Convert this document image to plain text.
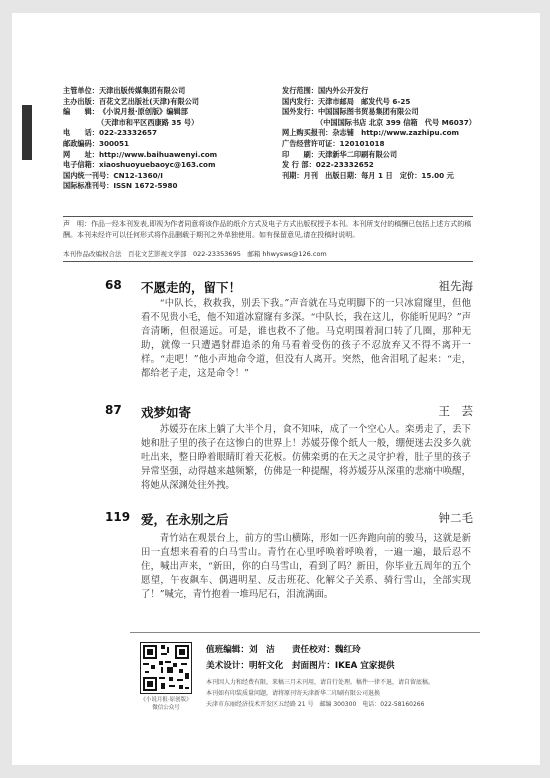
主管单位：天津出版传媒集团有限公司
主办出版：百花文艺出版社(天津)有限公司
编　　辑：《小说月报·原创版》编辑部
（天津市和平区西康路 35 号）
电　　话：022-23332657
邮政编码：300051
网　　址：http://www.baihuawenyi.com
电子信箱：xiaoshuoyuebaoyc@163.com
国内统一刊号：CN12-1360/I
国际标准刊号：ISSN 1672-5980
发行范围：国内外公开发行
国内发行：天津市邮局　邮发代号 6-25
国外发行：中国国际图书贸易集团有限公司
（中国国际书店 北京 399 信箱　代号 M6037）
网上购买报刊：杂志铺　http://www.zazhipu.com
广告经营许可证：120101018
印　　刷：天津新华二印刷有限公司
发 行 部：022-23332652
刊期：月刊　出版日期：每月 1 日　定价：15.00 元
声　明：作品一经本刊发表,即视为作者同意将该作品的纸介方式及电子方式出版权授予本刊。本刊所支付的稿酬已包括上述方式的稿酬。本刊未经许可以任何形式将作品删载于期刊之外单独使用。如有保留意见,请在投稿时说明。
本刊作品改编权合法　百花文艺影视文学部　022-23353695　邮箱 hhwysws@126.com
68 不愿走的，留下！	祖先海
“中队长，救救我，别丢下我。”声音就在马克明脚下的一只冰窟窿里，但他看不见贵小毛，他不知道冰窟窿有多深。“中队长，我在这儿，你能听见吗？”声音清晰，但很遥远。可是，谁也救不了他。马克明围着洞口转了几圈，那种无助，就像一只遭遇豺群追杀的角马看着受伤的孩子不忍放弃又不得不离开一样。“走吧！”他小声地命令道，但没有人离开。突然，他舍泪吼了起来：“走，都给老子走，这是命令！”
87 戏梦如寄	王　芸
苏媛芬在床上躺了大半个月，食不知味，成了一个空心人。栾勇走了，丢下她和肚子里的孩子在这惨白的世界上！苏媛芬像个纸人一般，绷便迷去没多久就吐出来，整日睁着眼睛盯着天花板。仿佛栾勇的在天之灵守护着，肚子里的孩子异常坚强，动得越来越频繁，仿佛是一种提醒，将苏媛芬从深重的悲痛中唤醒，将她从深渊处往外拽。
119 爱，在永别之后	钟二毛
青竹站在观景台上，前方的雪山横陈，形如一匹奔跑向前的骏马，这就是新田一直想来看看的白马雪山。青竹在心里呼唤着呼唤着，一遍一遍，最后忍不住，喊出声来，“新田，你的白马雪山，看到了吗？新田，你毕业五周年的五个愿望，午夜飙车、偶遇明星、反击班花、化解父子关系、骑行雪山，全部实现了！”喊完，青竹抱着一堆玛尼石，泪流满面。
《小说月报·原创版》
微信公众号
值班编辑：刘　洁　　责任校对：魏红玲
美术设计：明轩文化　封面图片：IKEA 宜家提供
本刊因人力和经费有限，来稿三月未刊用，请自行处理。稿件一律不退，请自留底稿。
本刊如有印装质量问题，请将原刊寄天津新华二印刷有限公司退换
天津市东丽经济技术开发区五经路 21 号　邮编 300300　电话：022-58160266
